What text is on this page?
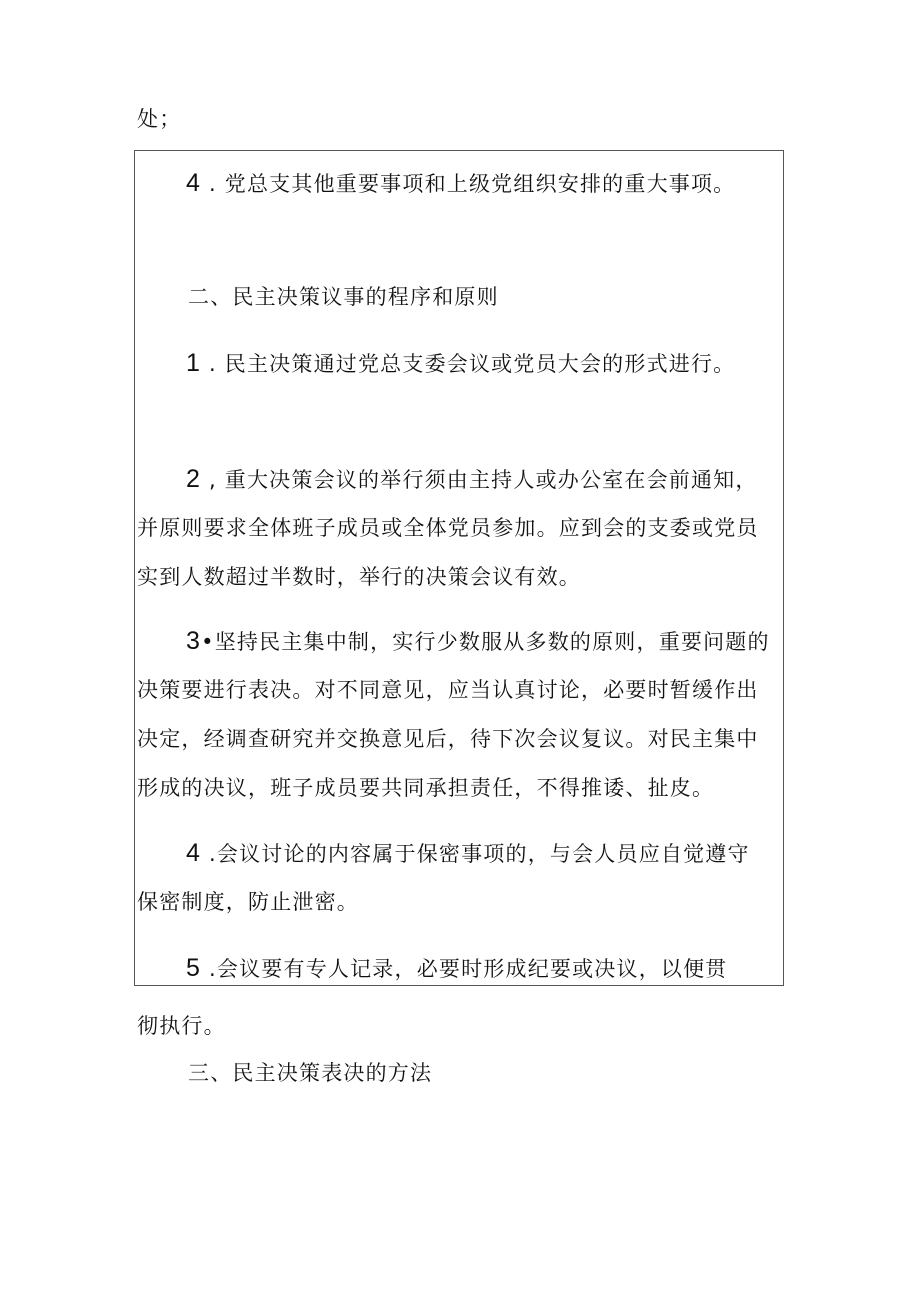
处；
4 . 党总支其他重要事项和上级党组织安排的重大事项。
二、民主决策议事的程序和原则
1 . 民主决策通过党总支委会议或党员大会的形式进行。
2 , 重大决策会议的举行须由主持人或办公室在会前通知，
并原则要求全体班子成员或全体党员参加。应到会的支委或党员
实到人数超过半数时，举行的决策会议有效。
3•坚持民主集中制，实行少数服从多数的原则，重要问题的
决策要进行表决。对不同意见，应当认真讨论，必要时暂缓作出
决定，经调查研究并交换意见后，待下次会议复议。对民主集中
形成的决议，班子成员要共同承担责任，不得推诿、扯皮。
4 .会议讨论的内容属于保密事项的，与会人员应自觉遵守
保密制度，防止泄密。
5 .会议要有专人记录，必要时形成纪要或决议，以便贯
彻执行。
三、民主决策表决的方法
